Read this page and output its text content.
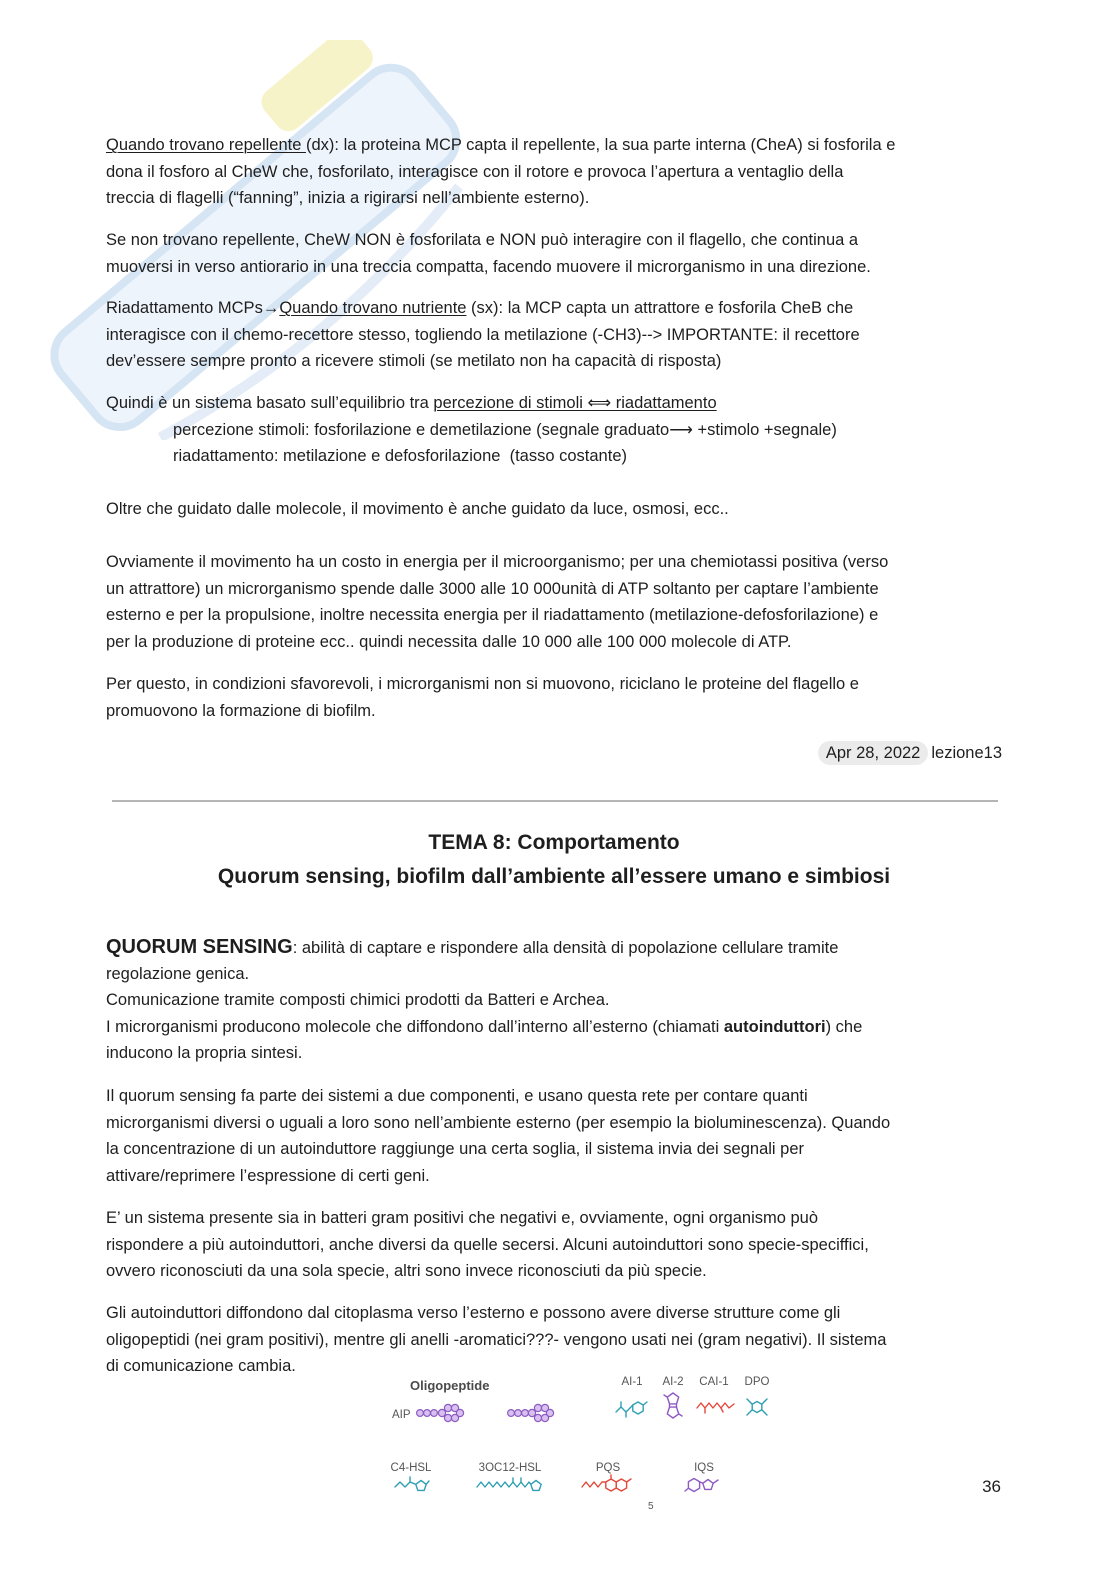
Quando trovano repellente (dx): la proteina MCP capta il repellente, la sua parte interna (CheA) si fosforila e
dona il fosforo al CheW che, fosforilato, interagisce con il rotore e provoca l’apertura a ventaglio della
treccia di flagelli (“fanning”, inizia a rigirarsi nell’ambiente esterno).
Se non trovano repellente, CheW NON è fosforilata e NON può interagire con il flagello, che continua a
muoversi in verso antiorario in una treccia compatta, facendo muovere il microrganismo in una direzione.
Riadattamento MCPs→Quando trovano nutriente (sx): la MCP capta un attrattore e fosforila CheB che
interagisce con il chemo-recettore stesso, togliendo la metilazione (-CH3)--> IMPORTANTE: il recettore
dev’essere sempre pronto a ricevere stimoli (se metilato non ha capacità di risposta)
Quindi è un sistema basato sull’equilibrio tra percezione di stimoli ⟺ riadattamento
percezione stimoli: fosforilazione e demetilazione (segnale graduato⟶ +stimolo +segnale)
riadattamento: metilazione e defosforilazione  (tasso costante)
Oltre che guidato dalle molecole, il movimento è anche guidato da luce, osmosi, ecc..
Ovviamente il movimento ha un costo in energia per il microorganismo; per una chemiotassi positiva (verso
un attrattore) un microrganismo spende dalle 3000 alle 10 000unità di ATP soltanto per captare l’ambiente
esterno e per la propulsione, inoltre necessita energia per il riadattamento (metilazione-defosforilazione) e
per la produzione di proteine ecc.. quindi necessita dalle 10 000 alle 100 000 molecole di ATP.
Per questo, in condizioni sfavorevoli, i microrganismi non si muovono, riciclano le proteine del flagello e
promuovono la formazione di biofilm.
Apr 28, 2022 lezione13
TEMA 8: Comportamento
Quorum sensing, biofilm dall’ambiente all’essere umano e simbiosi
QUORUM SENSING: abilità di captare e rispondere alla densità di popolazione cellulare tramite
regolazione genica.
Comunicazione tramite composti chimici prodotti da Batteri e Archea.
I microrganismi producono molecole che diffondono dall’interno all’esterno (chiamati autoinduttori) che
inducono la propria sintesi.
Il quorum sensing fa parte dei sistemi a due componenti, e usano questa rete per contare quanti
microrganismi diversi o uguali a loro sono nell’ambiente esterno (per esempio la bioluminescenza). Quando
la concentrazione di un autoinduttore raggiunge una certa soglia, il sistema invia dei segnali per
attivare/reprimere l’espressione di certi geni.
E’ un sistema presente sia in batteri gram positivi che negativi e, ovviamente, ogni organismo può
rispondere a più autoinduttori, anche diversi da quelle secersi. Alcuni autoinduttori sono specie-speciffici,
ovvero riconosciuti da una sola specie, altri sono invece riconosciuti da più specie.
Gli autoinduttori diffondono dal citoplasma verso l’esterno e possono avere diverse strutture come gli
oligopeptidi (nei gram positivi), mentre gli anelli -aromatici???- vengono usati nei (gram negativi). Il sistema
di comunicazione cambia.
Oligopeptide
AIP
AI-1 AI-2 CAI-1 DPO
C4-HSL	3OC12-HSL	PQS	IQS
5
36
